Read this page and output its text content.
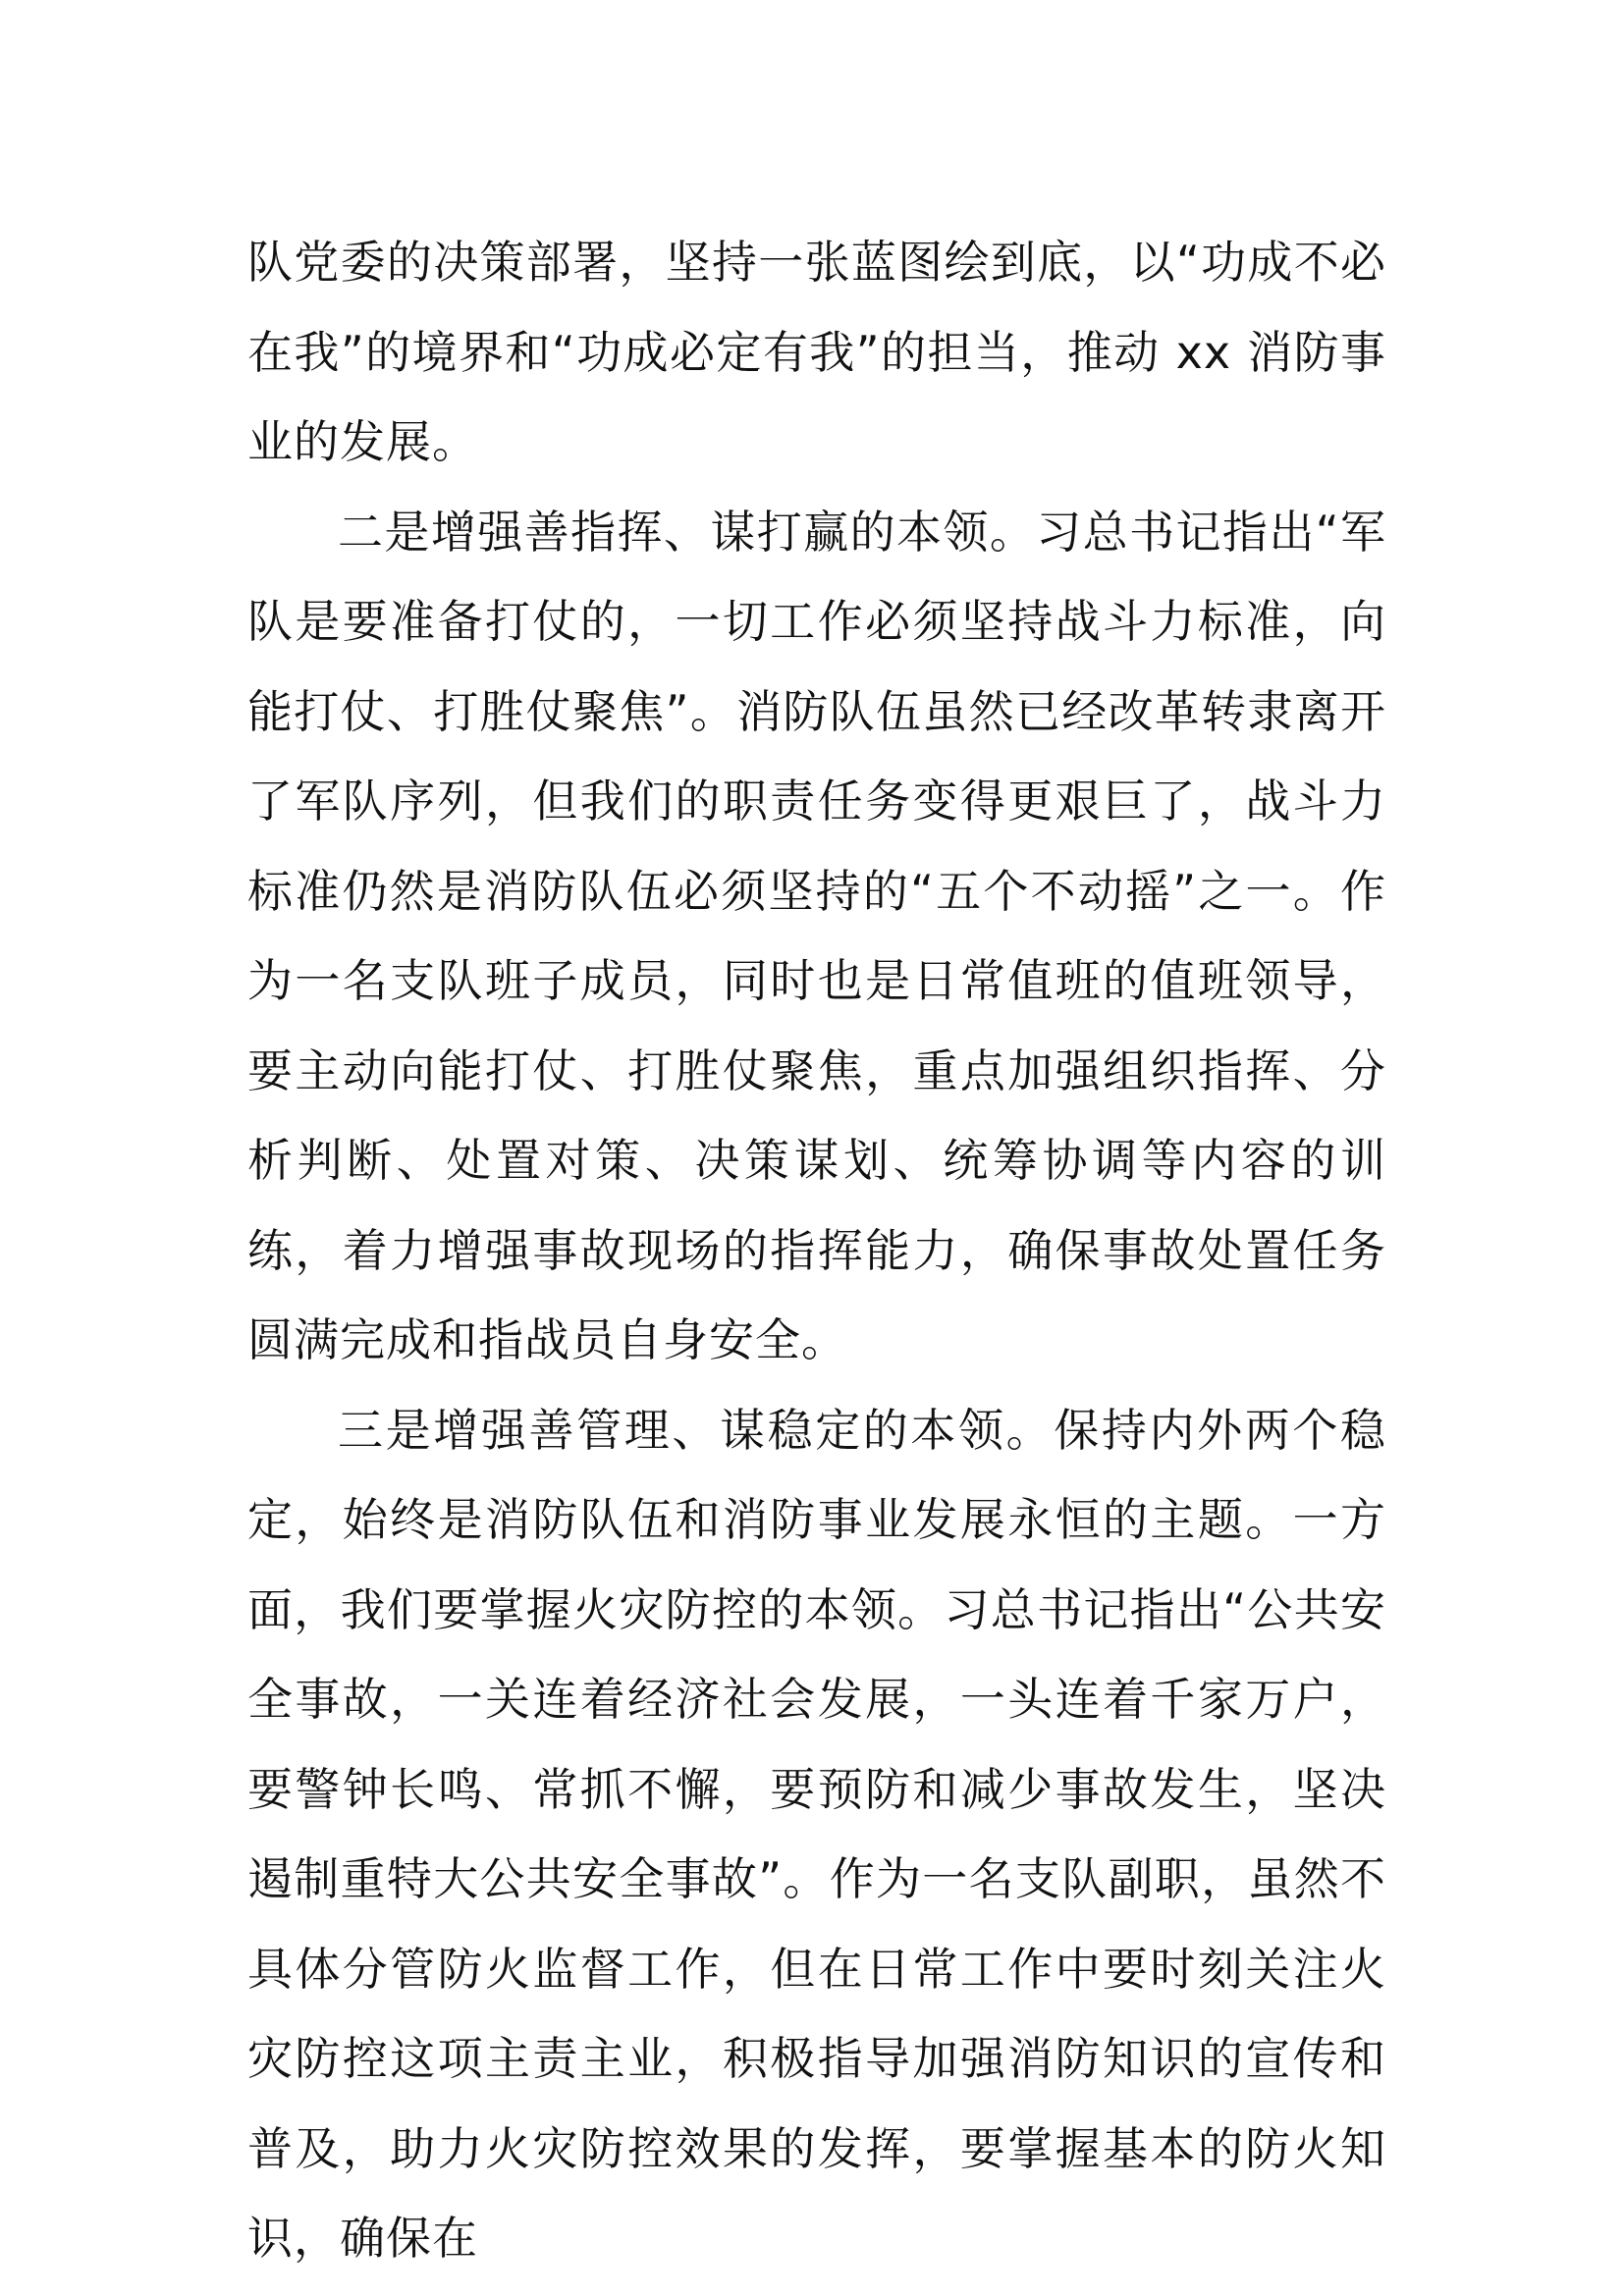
队党委的决策部署，坚持一张蓝图绘到底，以“功成不必在我”的境界和“功成必定有我”的担当，推动 xx 消防事业的发展。

二是增强善指挥、谋打赢的本领。习总书记指出“军队是要准备打仗的，一切工作必须坚持战斗力标准，向能打仗、打胜仗聚焦”。消防队伍虽然已经改革转隶离开了军队序列，但我们的职责任务变得更艰巨了，战斗力标准仍然是消防队伍必须坚持的“五个不动摇”之一。作为一名支队班子成员，同时也是日常值班的值班领导，要主动向能打仗、打胜仗聚焦，重点加强组织指挥、分析判断、处置对策、决策谋划、统筹协调等内容的训练，着力增强事故现场的指挥能力，确保事故处置任务圆满完成和指战员自身安全。

三是增强善管理、谋稳定的本领。保持内外两个稳定，始终是消防队伍和消防事业发展永恒的主题。一方面，我们要掌握火灾防控的本领。习总书记指出“公共安全事故，一关连着经济社会发展，一头连着千家万户，要警钟长鸣、常抓不懈，要预防和减少事故发生，坚决遏制重特大公共安全事故”。作为一名支队副职，虽然不具体分管防火监督工作，但在日常工作中要时刻关注火灾防控这项主责主业，积极指导加强消防知识的宣传和普及，助力火灾防控效果的发挥，要掌握基本的防火知识，确保在
